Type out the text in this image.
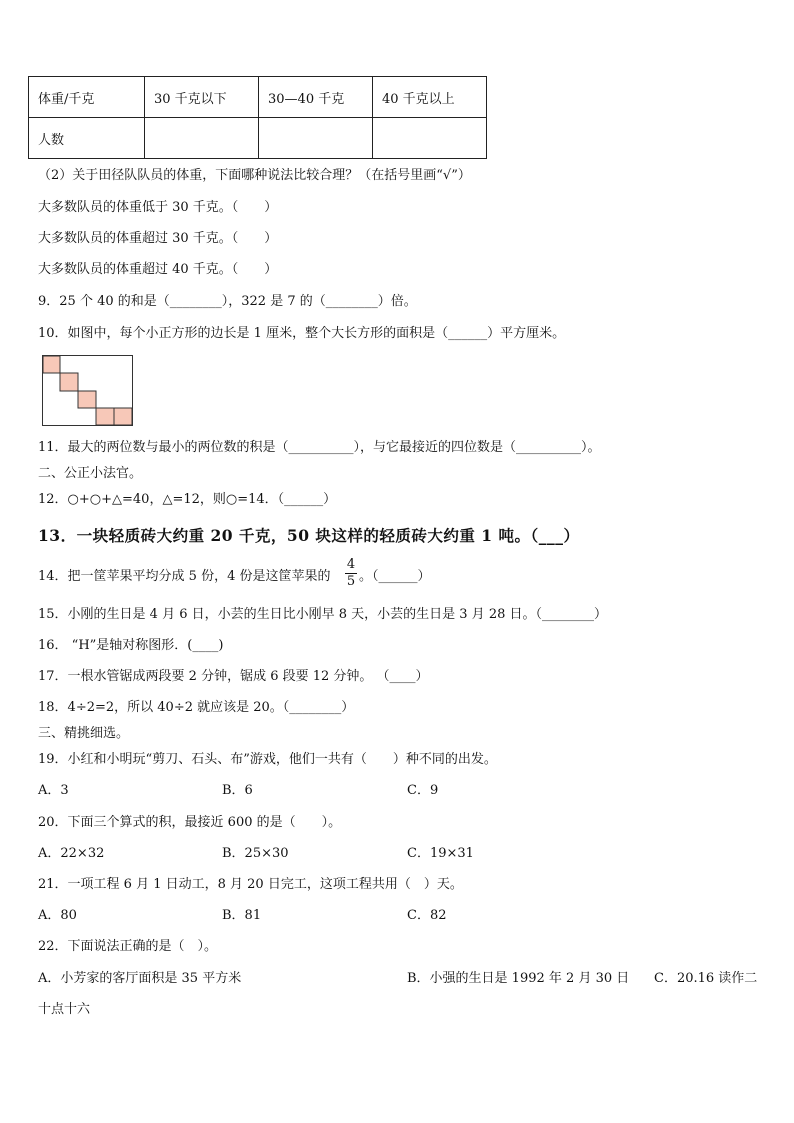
体重/千克	30 千克以下	30—40 千克	40 千克以上
人数			
（2）关于田径队队员的体重，下面哪种说法比较合理？（在括号里画“√”）
大多数队员的体重低于 30 千克。（　　）
大多数队员的体重超过 30 千克。（　　）
大多数队员的体重超过 40 千克。（　　）
9．25 个 40 的和是（________），322 是 7 的（________）倍。
10．如图中，每个小正方形的边长是 1 厘米，整个大长方形的面积是（______）平方厘米。
11．最大的两位数与最小的两位数的积是（__________），与它最接近的四位数是（__________）。
二、公正小法官。
12．○+○+△=40，△=12，则○=14．（______）
13．一块轻质砖大约重 20 千克，50 块这样的轻质砖大约重 1 吨。（___）
14．把一筐苹果平均分成 5 份，4 份是这筐苹果的
4
5 。（______）
15．小刚的生日是 4 月 6 日，小芸的生日比小刚早 8 天，小芸的生日是 3 月 28 日。（________）
16． “H”是轴对称图形．(____)
17．一根水管锯成两段要 2 分钟，锯成 6 段要 12 分钟。 （____）
18．4÷2=2，所以 40÷2 就应该是 20。（________）
三、精挑细选。
19．小红和小明玩“剪刀、石头、布”游戏，他们一共有（　　）种不同的出发。
A．3	B．6	C．9
20．下面三个算式的积，最接近 600 的是（　　）。
A．22×32	B．25×30	C．19×31
21．一项工程 6 月 1 日动工，8 月 20 日完工，这项工程共用（　）天。
A．80	B．81	C．82
22．下面说法正确的是（　）。
A．小芳家的客厅面积是 35 平方米	B．小强的生日是 1992 年 2 月 30 日 C．20.16 读作二
十点十六
